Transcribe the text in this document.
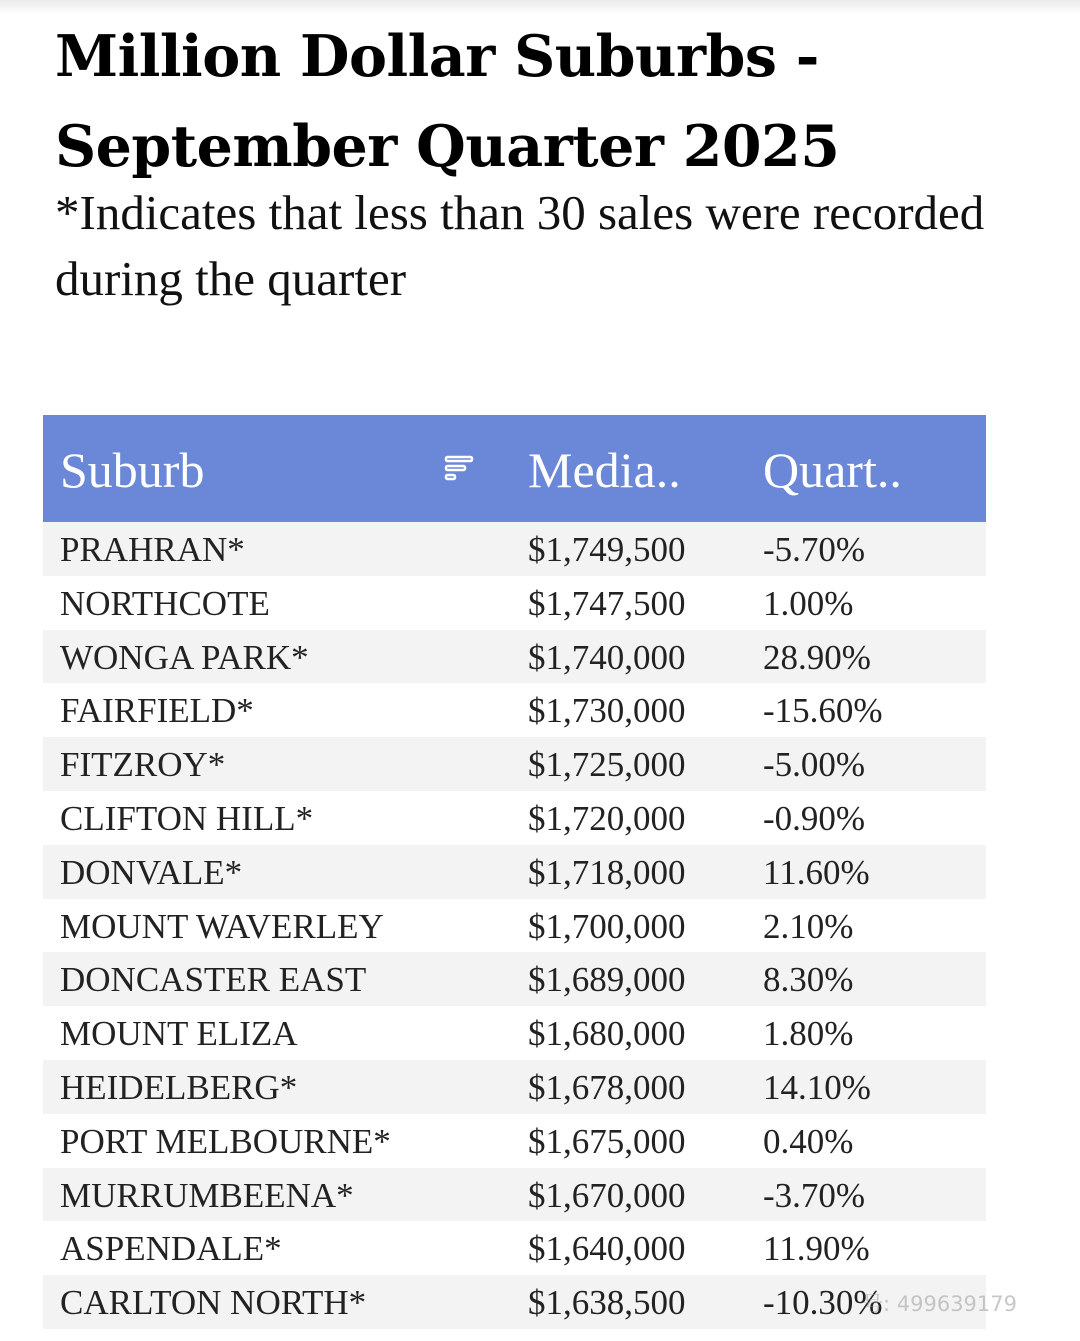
Million Dollar Suburbs - September Quarter 2025

*Indicates that less than 30 sales were recorded during the quarter

Suburb	Media.. Quart..
PRAHRAN*	$1,749,500 -5.70%
NORTHCOTE	$1,747,500 1.00%
WONGA PARK*	$1,740,000 28.90%
FAIRFIELD*	$1,730,000 -15.60%
FITZROY*	$1,725,000 -5.00%
CLIFTON HILL*	$1,720,000 -0.90%
DONVALE*	$1,718,000 11.60%
MOUNT WAVERLEY	$1,700,000 2.10%
DONCASTER EAST	$1,689,000 8.30%
MOUNT ELIZA	$1,680,000 1.80%
HEIDELBERG*	$1,678,000 14.10%
PORT MELBOURNE*	$1,675,000 0.40%
MURRUMBEENA*	$1,670,000 -3.70%
ASPENDALE*	$1,640,000 11.90%
CARLTON NORTH*	$1,638,500 -10.30%
号: 499639179
